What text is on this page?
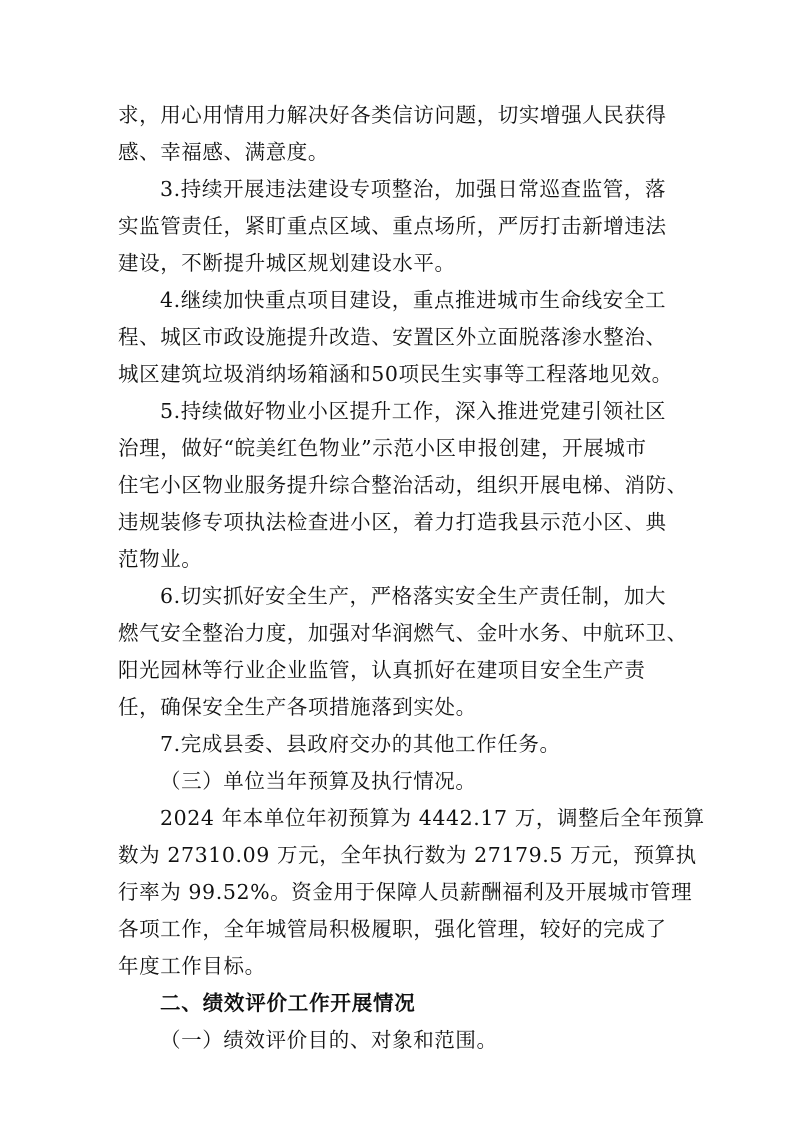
求，用心用情用力解决好各类信访问题，切实增强人民获得
感、幸福感、满意度。
3.持续开展违法建设专项整治，加强日常巡查监管，落
实监管责任，紧盯重点区域、重点场所，严厉打击新增违法
建设，不断提升城区规划建设水平。
4.继续加快重点项目建设，重点推进城市生命线安全工
程、城区市政设施提升改造、安置区外立面脱落渗水整治、
城区建筑垃圾消纳场箱涵和50项民生实事等工程落地见效。
5.持续做好物业小区提升工作，深入推进党建引领社区
治理，做好“皖美红色物业”示范小区申报创建，开展城市
住宅小区物业服务提升综合整治活动，组织开展电梯、消防、
违规装修专项执法检查进小区，着力打造我县示范小区、典
范物业。
6.切实抓好安全生产，严格落实安全生产责任制，加大
燃气安全整治力度，加强对华润燃气、金叶水务、中航环卫、
阳光园林等行业企业监管，认真抓好在建项目安全生产责
任，确保安全生产各项措施落到实处。
7.完成县委、县政府交办的其他工作任务。
（三）单位当年预算及执行情况。
2024 年本单位年初预算为 4442.17 万，调整后全年预算
数为 27310.09 万元，全年执行数为 27179.5 万元，预算执
行率为 99.52%。资金用于保障人员薪酬福利及开展城市管理
各项工作，全年城管局积极履职，强化管理，较好的完成了
年度工作目标。
二、绩效评价工作开展情况
（一）绩效评价目的、对象和范围。
